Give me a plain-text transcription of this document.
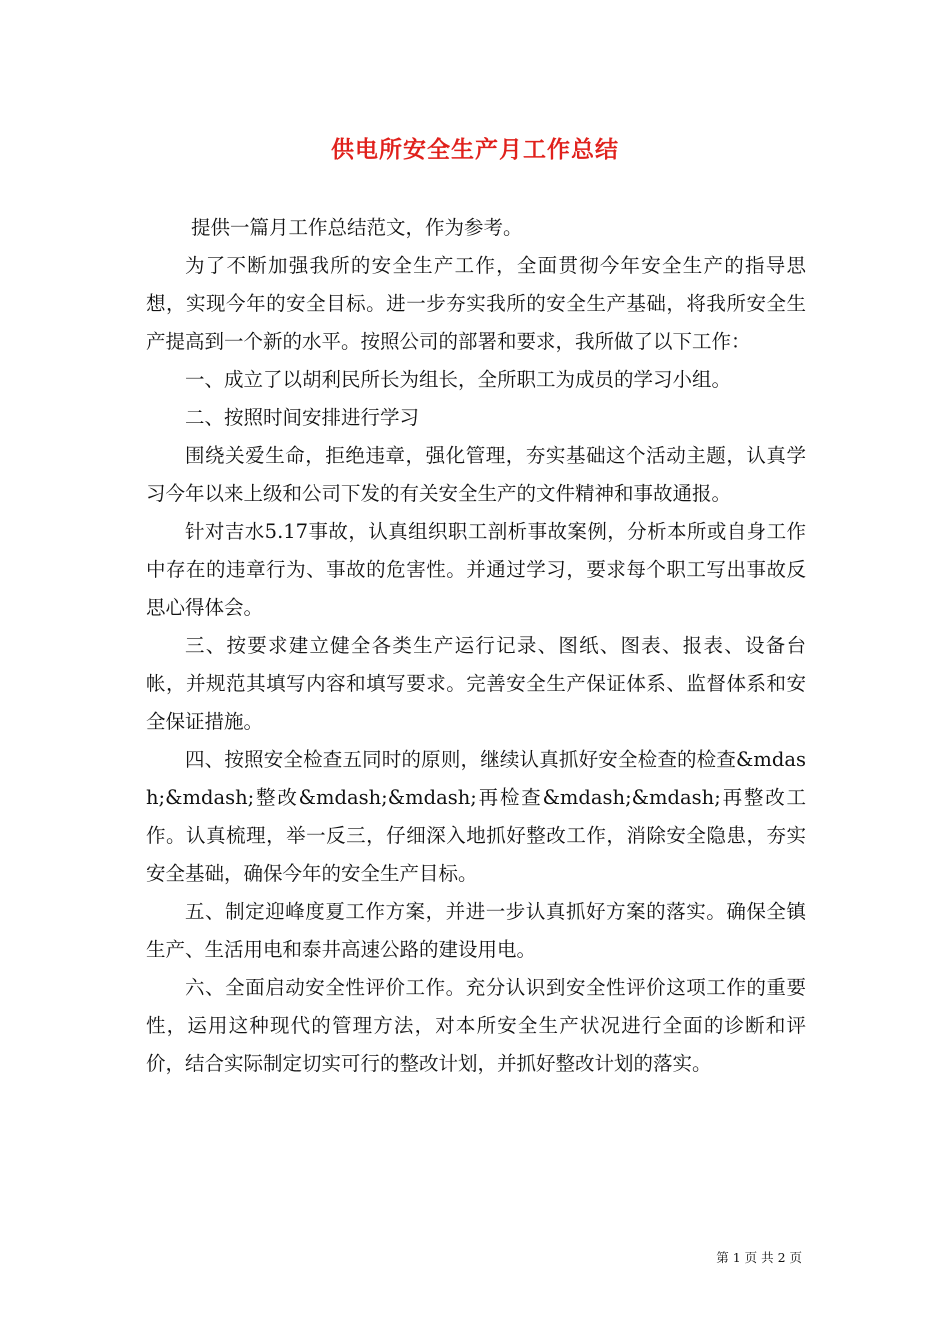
供电所安全生产月工作总结

提供一篇月工作总结范文，作为参考。

为了不断加强我所的安全生产工作，全面贯彻今年安全生产的指导思想，实现今年的安全目标。进一步夯实我所的安全生产基础，将我所安全生产提高到一个新的水平。按照公司的部署和要求，我所做了以下工作：

一、成立了以胡利民所长为组长，全所职工为成员的学习小组。

二、按照时间安排进行学习

围绕关爱生命，拒绝违章，强化管理，夯实基础这个活动主题，认真学习今年以来上级和公司下发的有关安全生产的文件精神和事故通报。

针对吉水5.17事故，认真组织职工剖析事故案例，分析本所或自身工作中存在的违章行为、事故的危害性。并通过学习，要求每个职工写出事故反思心得体会。

三、按要求建立健全各类生产运行记录、图纸、图表、报表、设备台帐，并规范其填写内容和填写要求。完善安全生产保证体系、监督体系和安全保证措施。

四、按照安全检查五同时的原则，继续认真抓好安全检查的检查&mdash;&mdash;整改&mdash;&mdash;再检查&mdash;&mdash;再整改工作。认真梳理，举一反三，仔细深入地抓好整改工作，消除安全隐患，夯实安全基础，确保今年的安全生产目标。

五、制定迎峰度夏工作方案，并进一步认真抓好方案的落实。确保全镇生产、生活用电和泰井高速公路的建设用电。

六、全面启动安全性评价工作。充分认识到安全性评价这项工作的重要性，运用这种现代的管理方法，对本所安全生产状况进行全面的诊断和评价，结合实际制定切实可行的整改计划，并抓好整改计划的落实。

第 1 页 共 2 页
